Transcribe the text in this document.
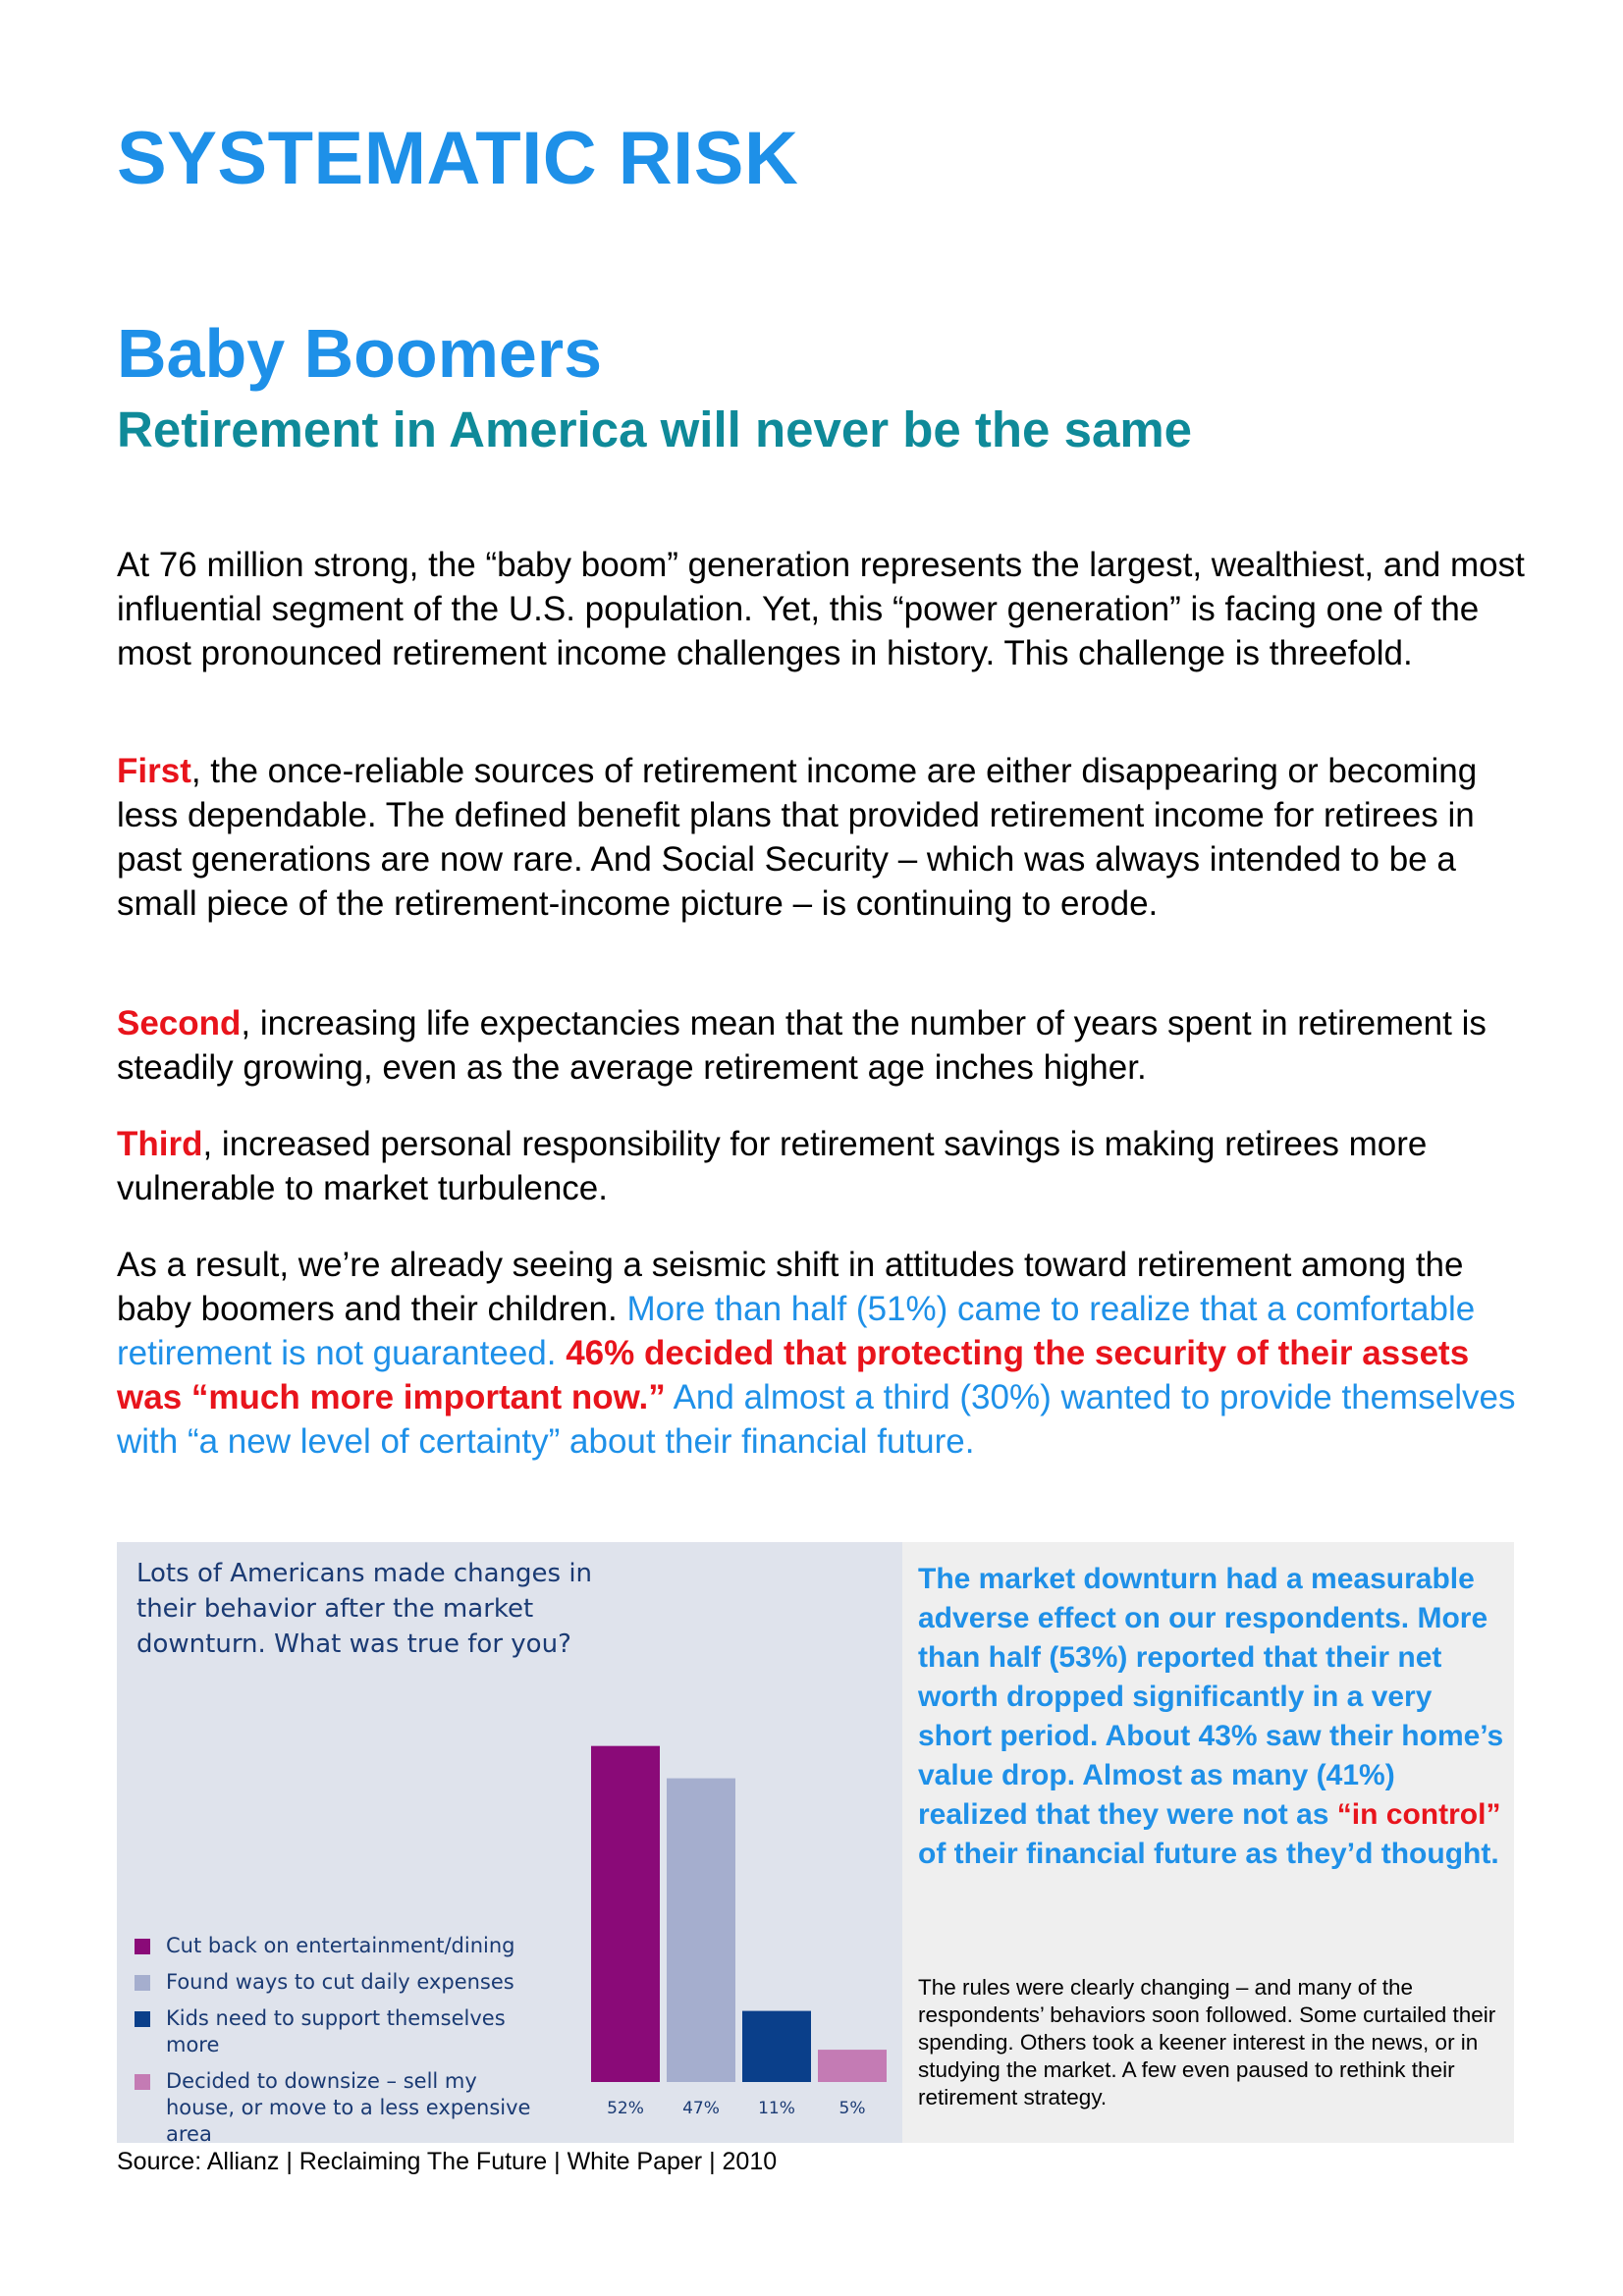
SYSTEMATIC RISK
Baby Boomers
Retirement in America will never be the same

At 76 million strong, the “baby boom” generation represents the largest, wealthiest, and most influential segment of the U.S. population. Yet, this “power generation” is facing one of the most pronounced retirement income challenges in history. This challenge is threefold.

First, the once-reliable sources of retirement income are either disappearing or becoming less dependable. The defined benefit plans that provided retirement income for retirees in past generations are now rare. And Social Security – which was always intended to be a small piece of the retirement-income picture – is continuing to erode.

Second, increasing life expectancies mean that the number of years spent in retirement is steadily growing, even as the average retirement age inches higher.

Third, increased personal responsibility for retirement savings is making retirees more vulnerable to market turbulence.

As a result, we’re already seeing a seismic shift in attitudes toward retirement among the baby boomers and their children. More than half (51%) came to realize that a comfortable retirement is not guaranteed. 46% decided that protecting the security of their assets was “much more important now.” And almost a third (30%) wanted to provide themselves with “a new level of certainty” about their financial future.

Lots of Americans made changes in their behavior after the market downturn. What was true for you?

52% 47% 11%	5%
Cut back on entertainment/dining
Found ways to cut daily expenses
Kids need to support themselves more
Decided to downsize – sell my house, or move to a less expensive area

The market downturn had a measurable adverse effect on our respondents. More than half (53%) reported that their net worth dropped significantly in a very short period. About 43% saw their home’s value drop. Almost as many (41%) realized that they were not as “in control” of their financial future as they’d thought.

The rules were clearly changing – and many of the respondents’ behaviors soon followed. Some curtailed their spending. Others took a keener interest in the news, or in studying the market. A few even paused to rethink their retirement strategy.

Source: Allianz | Reclaiming The Future | White Paper | 2010
